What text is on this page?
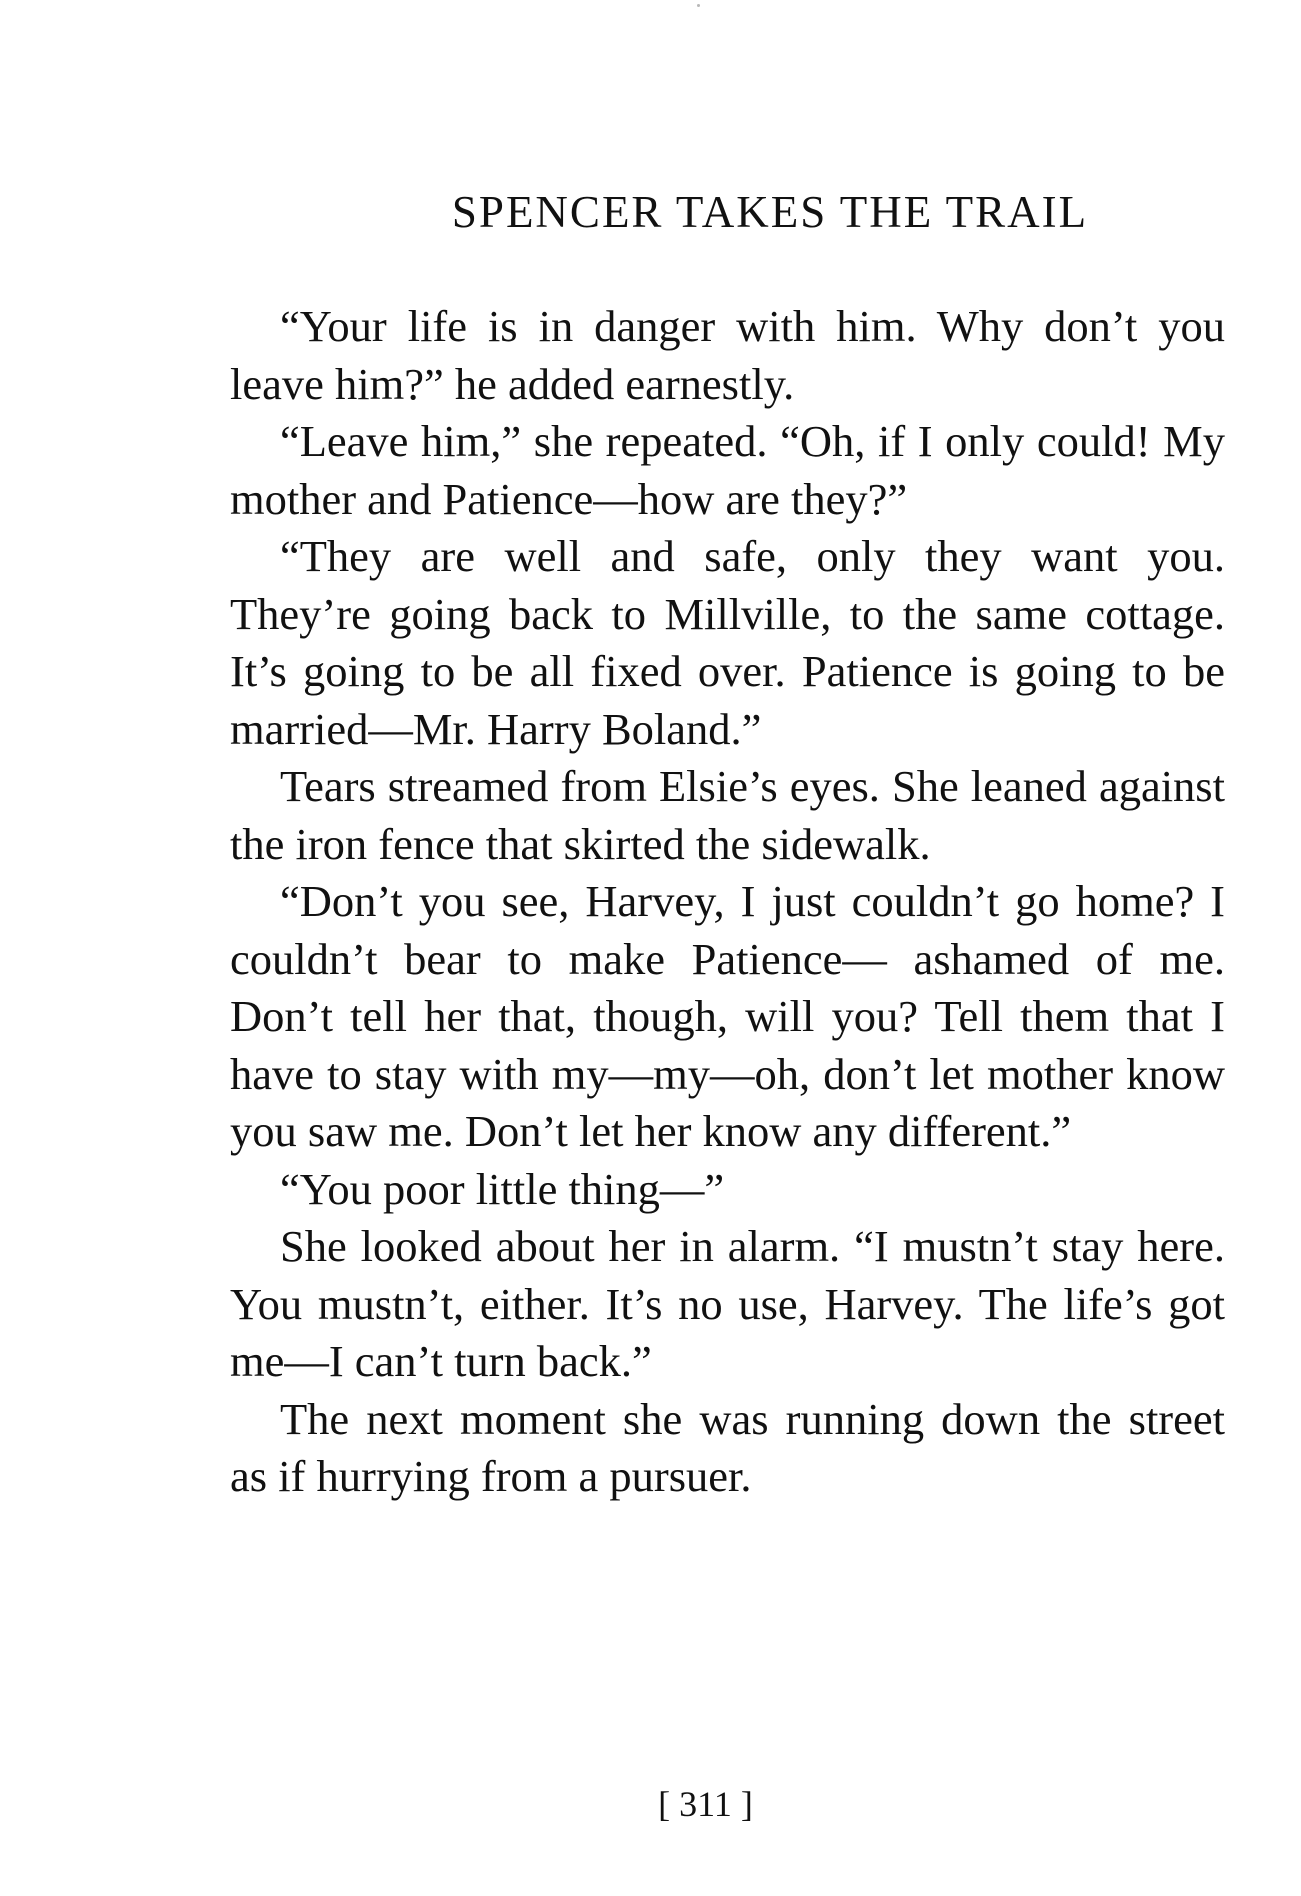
SPENCER TAKES THE TRAIL

“Your life is in danger with him. Why don’t you leave him?” he added earnestly.

“Leave him,” she repeated. “Oh, if I only could! My mother and Patience—how are they?”

“They are well and safe, only they want you. They’re going back to Millville, to the same cottage. It’s going to be all fixed over. Patience is going to be married—Mr. Harry Boland.”

Tears streamed from Elsie’s eyes. She leaned against the iron fence that skirted the sidewalk.

“Don’t you see, Harvey, I just couldn’t go home? I couldn’t bear to make Patience— ashamed of me. Don’t tell her that, though, will you? Tell them that I have to stay with my—my—oh, don’t let mother know you saw me. Don’t let her know any different.”

“You poor little thing—”

She looked about her in alarm. “I mustn’t stay here. You mustn’t, either. It’s no use, Harvey. The life’s got me—I can’t turn back.”

The next moment she was running down the street as if hurrying from a pursuer.

[ 311 ]
